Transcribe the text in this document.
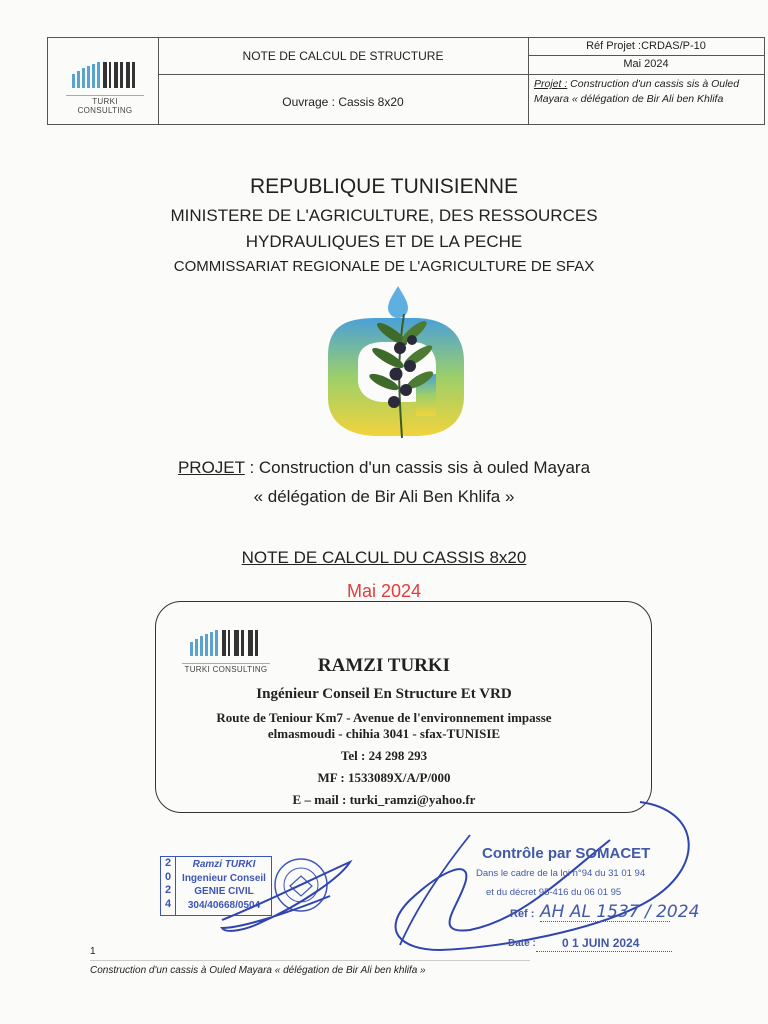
TURKI CONSULTING
NOTE DE CALCUL DE STRUCTURE
Ouvrage : Cassis 8x20
Réf Projet :CRDAS/P-10
Mai 2024
Projet : Construction d'un cassis sis à Ouled Mayara « délégation de Bir Ali ben Khlifa
REPUBLIQUE TUNISIENNE
MINISTERE DE L'AGRICULTURE, DES RESSOURCES
HYDRAULIQUES ET DE LA PECHE
COMMISSARIAT REGIONALE DE L'AGRICULTURE DE SFAX
PROJET : Construction d'un cassis sis à ouled Mayara
« délégation de Bir Ali Ben Khlifa »
NOTE DE CALCUL DU CASSIS 8x20
Mai 2024
TURKI CONSULTING	RAMZI TURKI
Ingénieur Conseil En Structure Et VRD
Route de Teniour Km7 - Avenue de l'environnement impasse
elmasmoudi - chihia 3041 - sfax-TUNISIE
Tel : 24 298 293
MF : 1533089X/A/P/000
E – mail : turki_ramzi@yahoo.fr
2
0
2
4
Ramzi TURKI
Ingenieur Conseil
GENIE CIVIL
304/40668/0504
Contrôle par SOMACET
Dans le cadre de la loi n°94 du 31 01 94
et du décret 95-416 du 06 01 95
Ref : AH AL 1537 / 2024
Date : 0 1 JUIN 2024
1
Construction d'un cassis à Ouled Mayara « délégation de Bir Ali ben khlifa »
